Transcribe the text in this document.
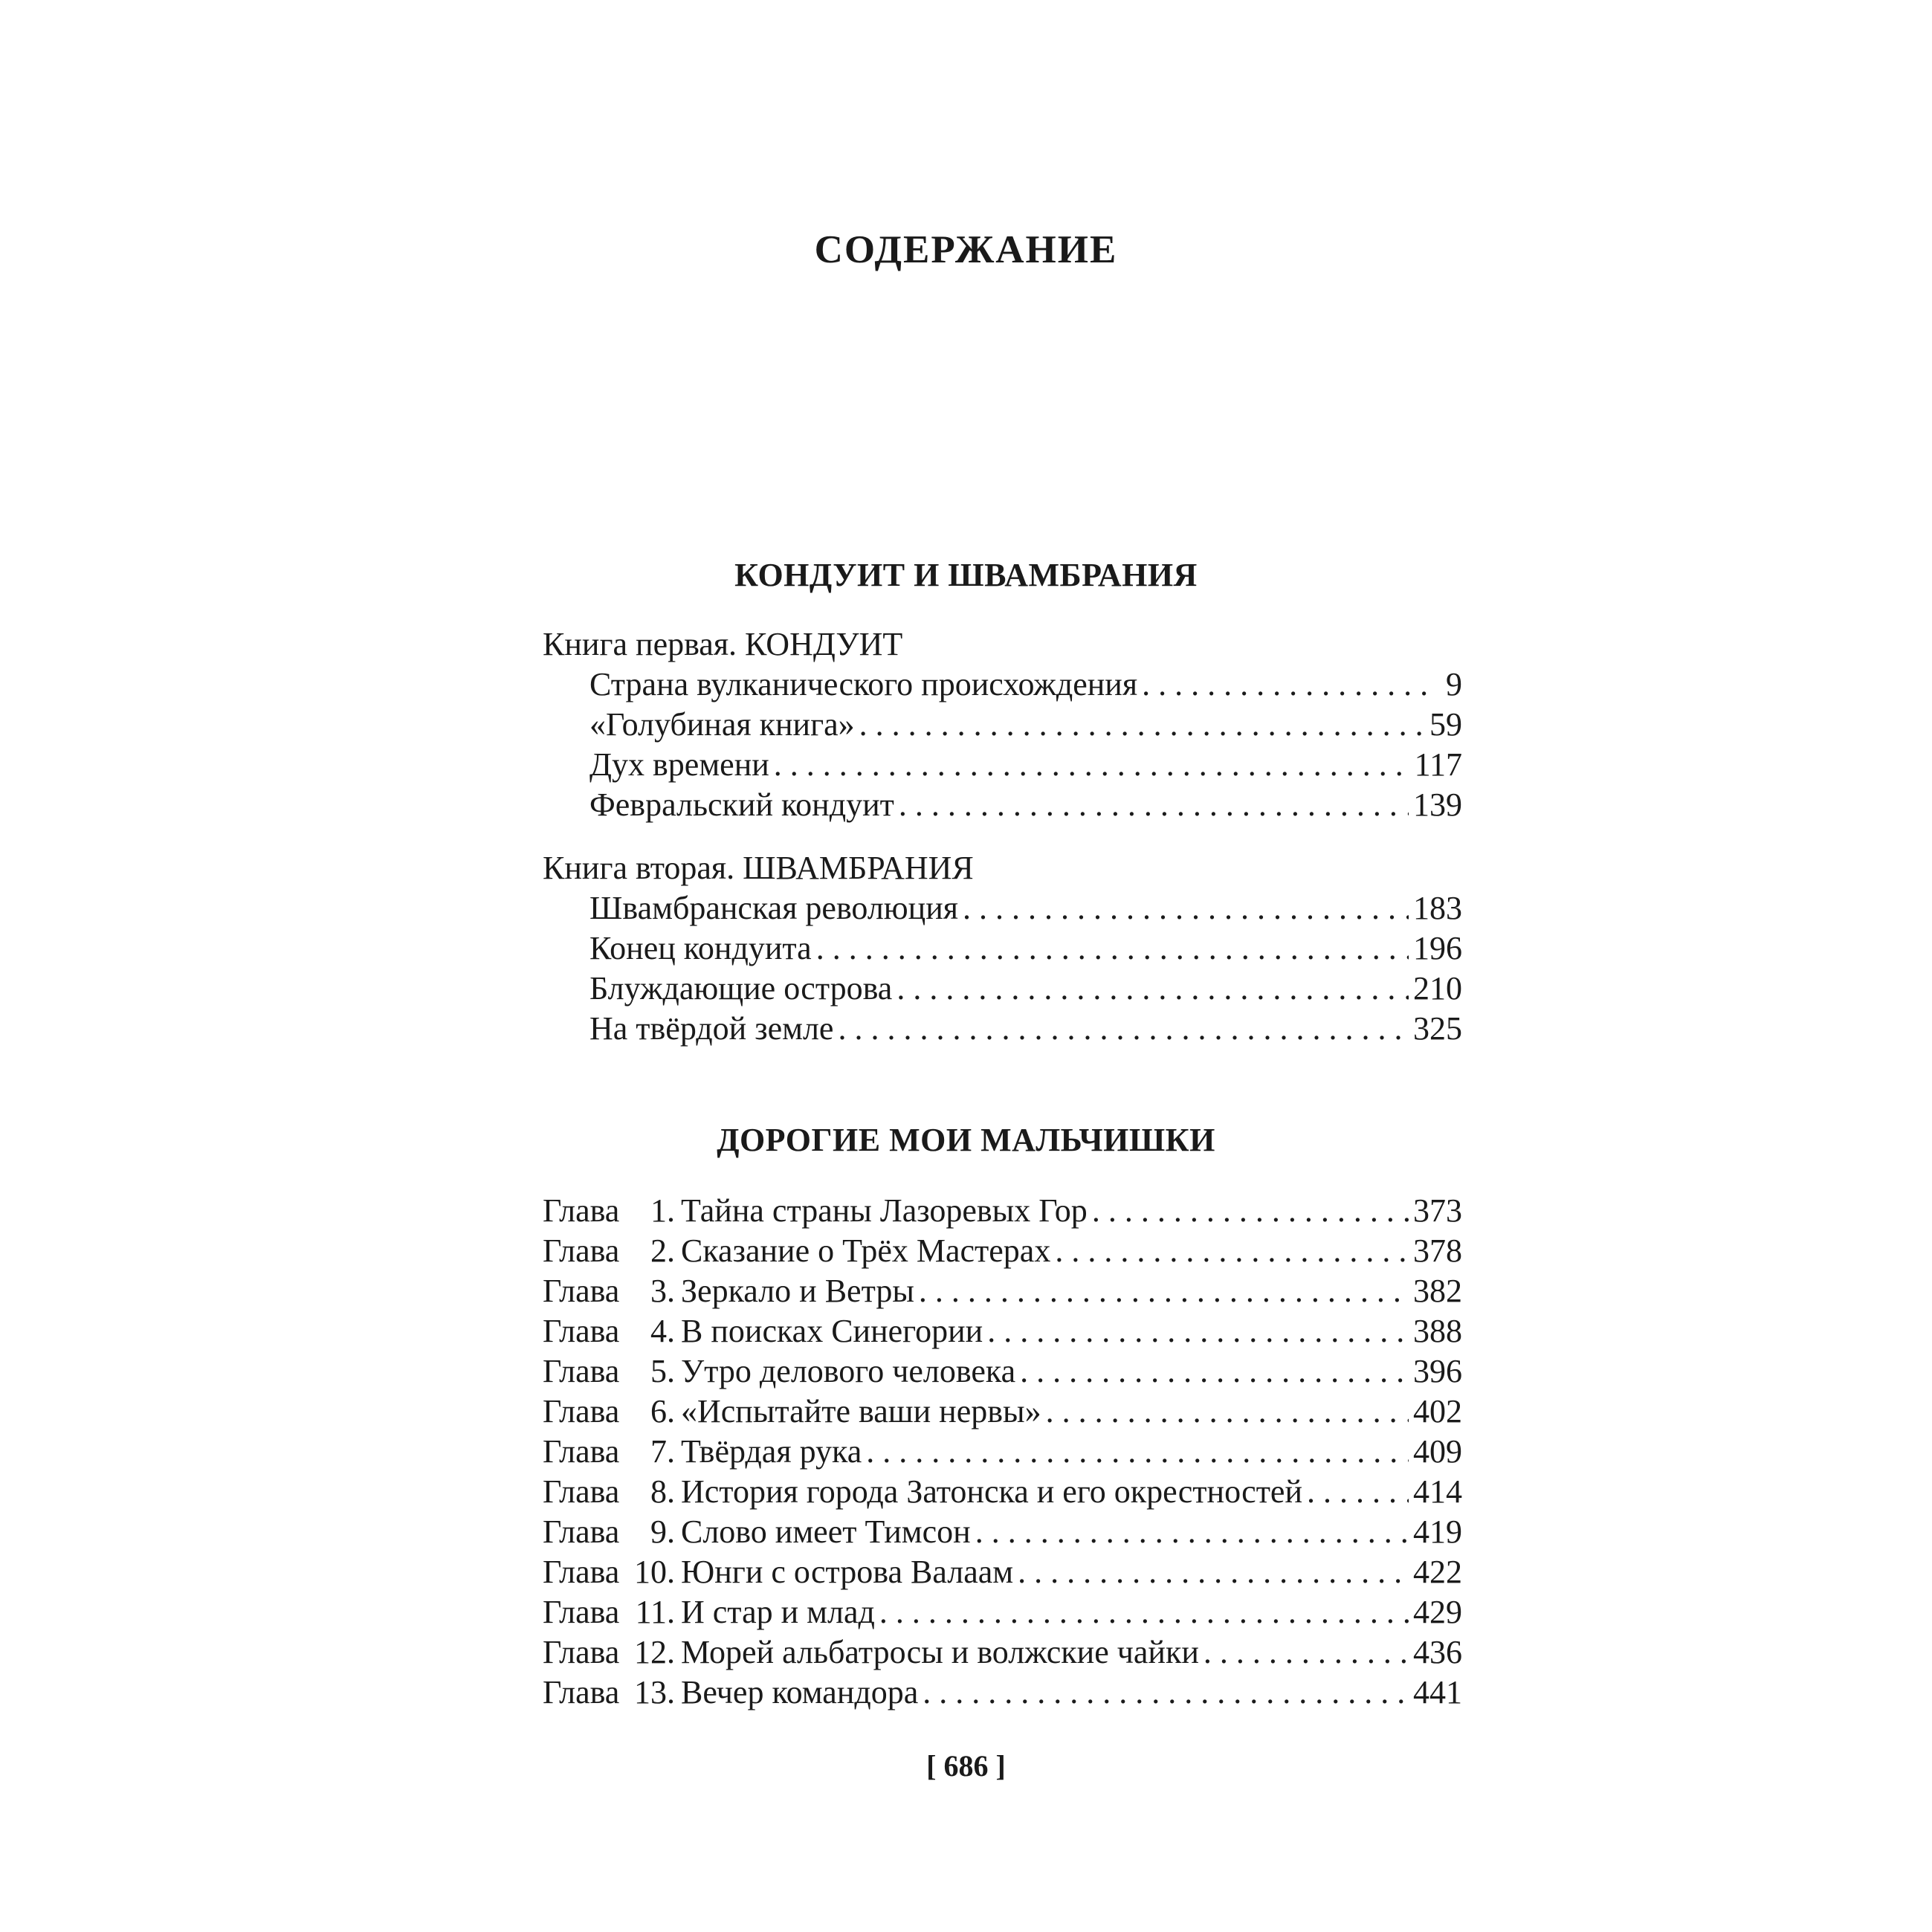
СОДЕРЖАНИЕ
КОНДУИТ И ШВАМБРАНИЯ
Книга первая. КОНДУИТ
Страна вулканического происхождения . . .	9
«Голубиная книга» . . .	59
Дух времени . . .	117
Февральский кондуит . . .	139
Книга вторая. ШВАМБРАНИЯ
Швамбранская революция . . .	183
Конец кондуита . . .	196
Блуждающие острова . . .	210
На твёрдой земле . . .	325
ДОРОГИЕ МОИ МАЛЬЧИШКИ
Глава 1. Тайна страны Лазоревых Гор . . .	373
Глава 2. Сказание о Трёх Мастерах . . .	378
Глава 3. Зеркало и Ветры . . .	382
Глава 4. В поисках Синегории . . .	388
Глава 5. Утро делового человека . . .	396
Глава 6. «Испытайте ваши нервы» . . .	402
Глава 7. Твёрдая рука . . .	409
Глава 8. История города Затонска и его окрестностей . . .	414
Глава 9. Слово имеет Тимсон . . .	419
Глава 10. Юнги с острова Валаам . . .	422
Глава 11. И стар и млад . . .	429
Глава 12. Морей альбатросы и волжские чайки . . .	436
Глава 13. Вечер командора . . .	441
[ 686 ]
